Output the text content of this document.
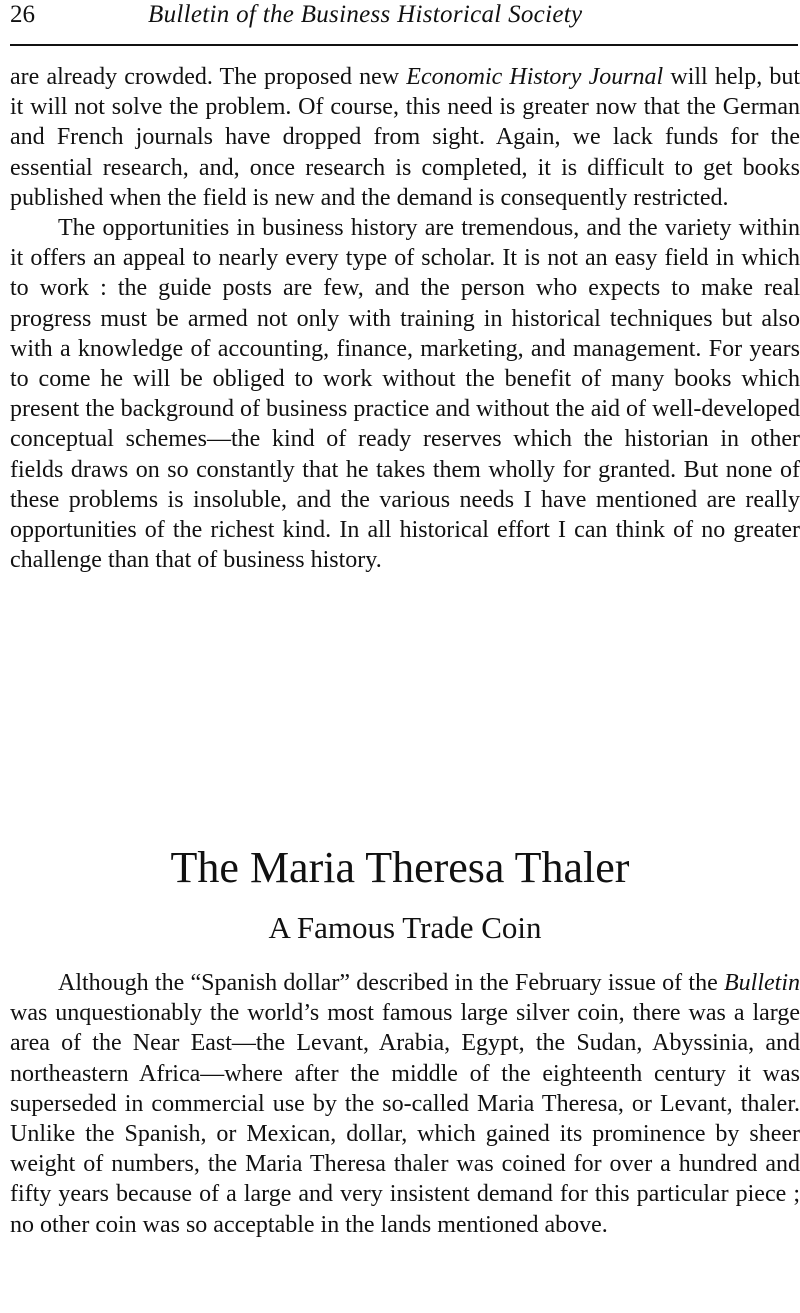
26	Bulletin of the Business Historical Society

are already crowded. The proposed new Economic History Journal will help, but it will not solve the problem. Of course, this need is greater now that the German and French journals have dropped from sight. Again, we lack funds for the essential research, and, once research is completed, it is difficult to get books published when the field is new and the demand is consequently restricted.

The opportunities in business history are tremendous, and the variety within it offers an appeal to nearly every type of scholar. It is not an easy field in which to work : the guide posts are few, and the person who expects to make real progress must be armed not only with training in historical techniques but also with a knowledge of accounting, finance, marketing, and management. For years to come he will be obliged to work without the benefit of many books which present the background of business practice and without the aid of well-developed conceptual schemes—the kind of ready reserves which the historian in other fields draws on so constantly that he takes them wholly for granted. But none of these problems is insoluble, and the various needs I have mentioned are really opportunities of the richest kind. In all historical effort I can think of no greater challenge than that of business history.

The Maria Theresa Thaler
A Famous Trade Coin

Although the “Spanish dollar” described in the February issue of the Bulletin was unquestionably the world’s most famous large silver coin, there was a large area of the Near East—the Levant, Arabia, Egypt, the Sudan, Abyssinia, and northeastern Africa—where after the middle of the eighteenth century it was superseded in commercial use by the so-called Maria Theresa, or Levant, thaler. Unlike the Spanish, or Mexican, dollar, which gained its prominence by sheer weight of numbers, the Maria Theresa thaler was coined for over a hundred and fifty years because of a large and very insistent demand for this particular piece ; no other coin was so acceptable in the lands mentioned above.
